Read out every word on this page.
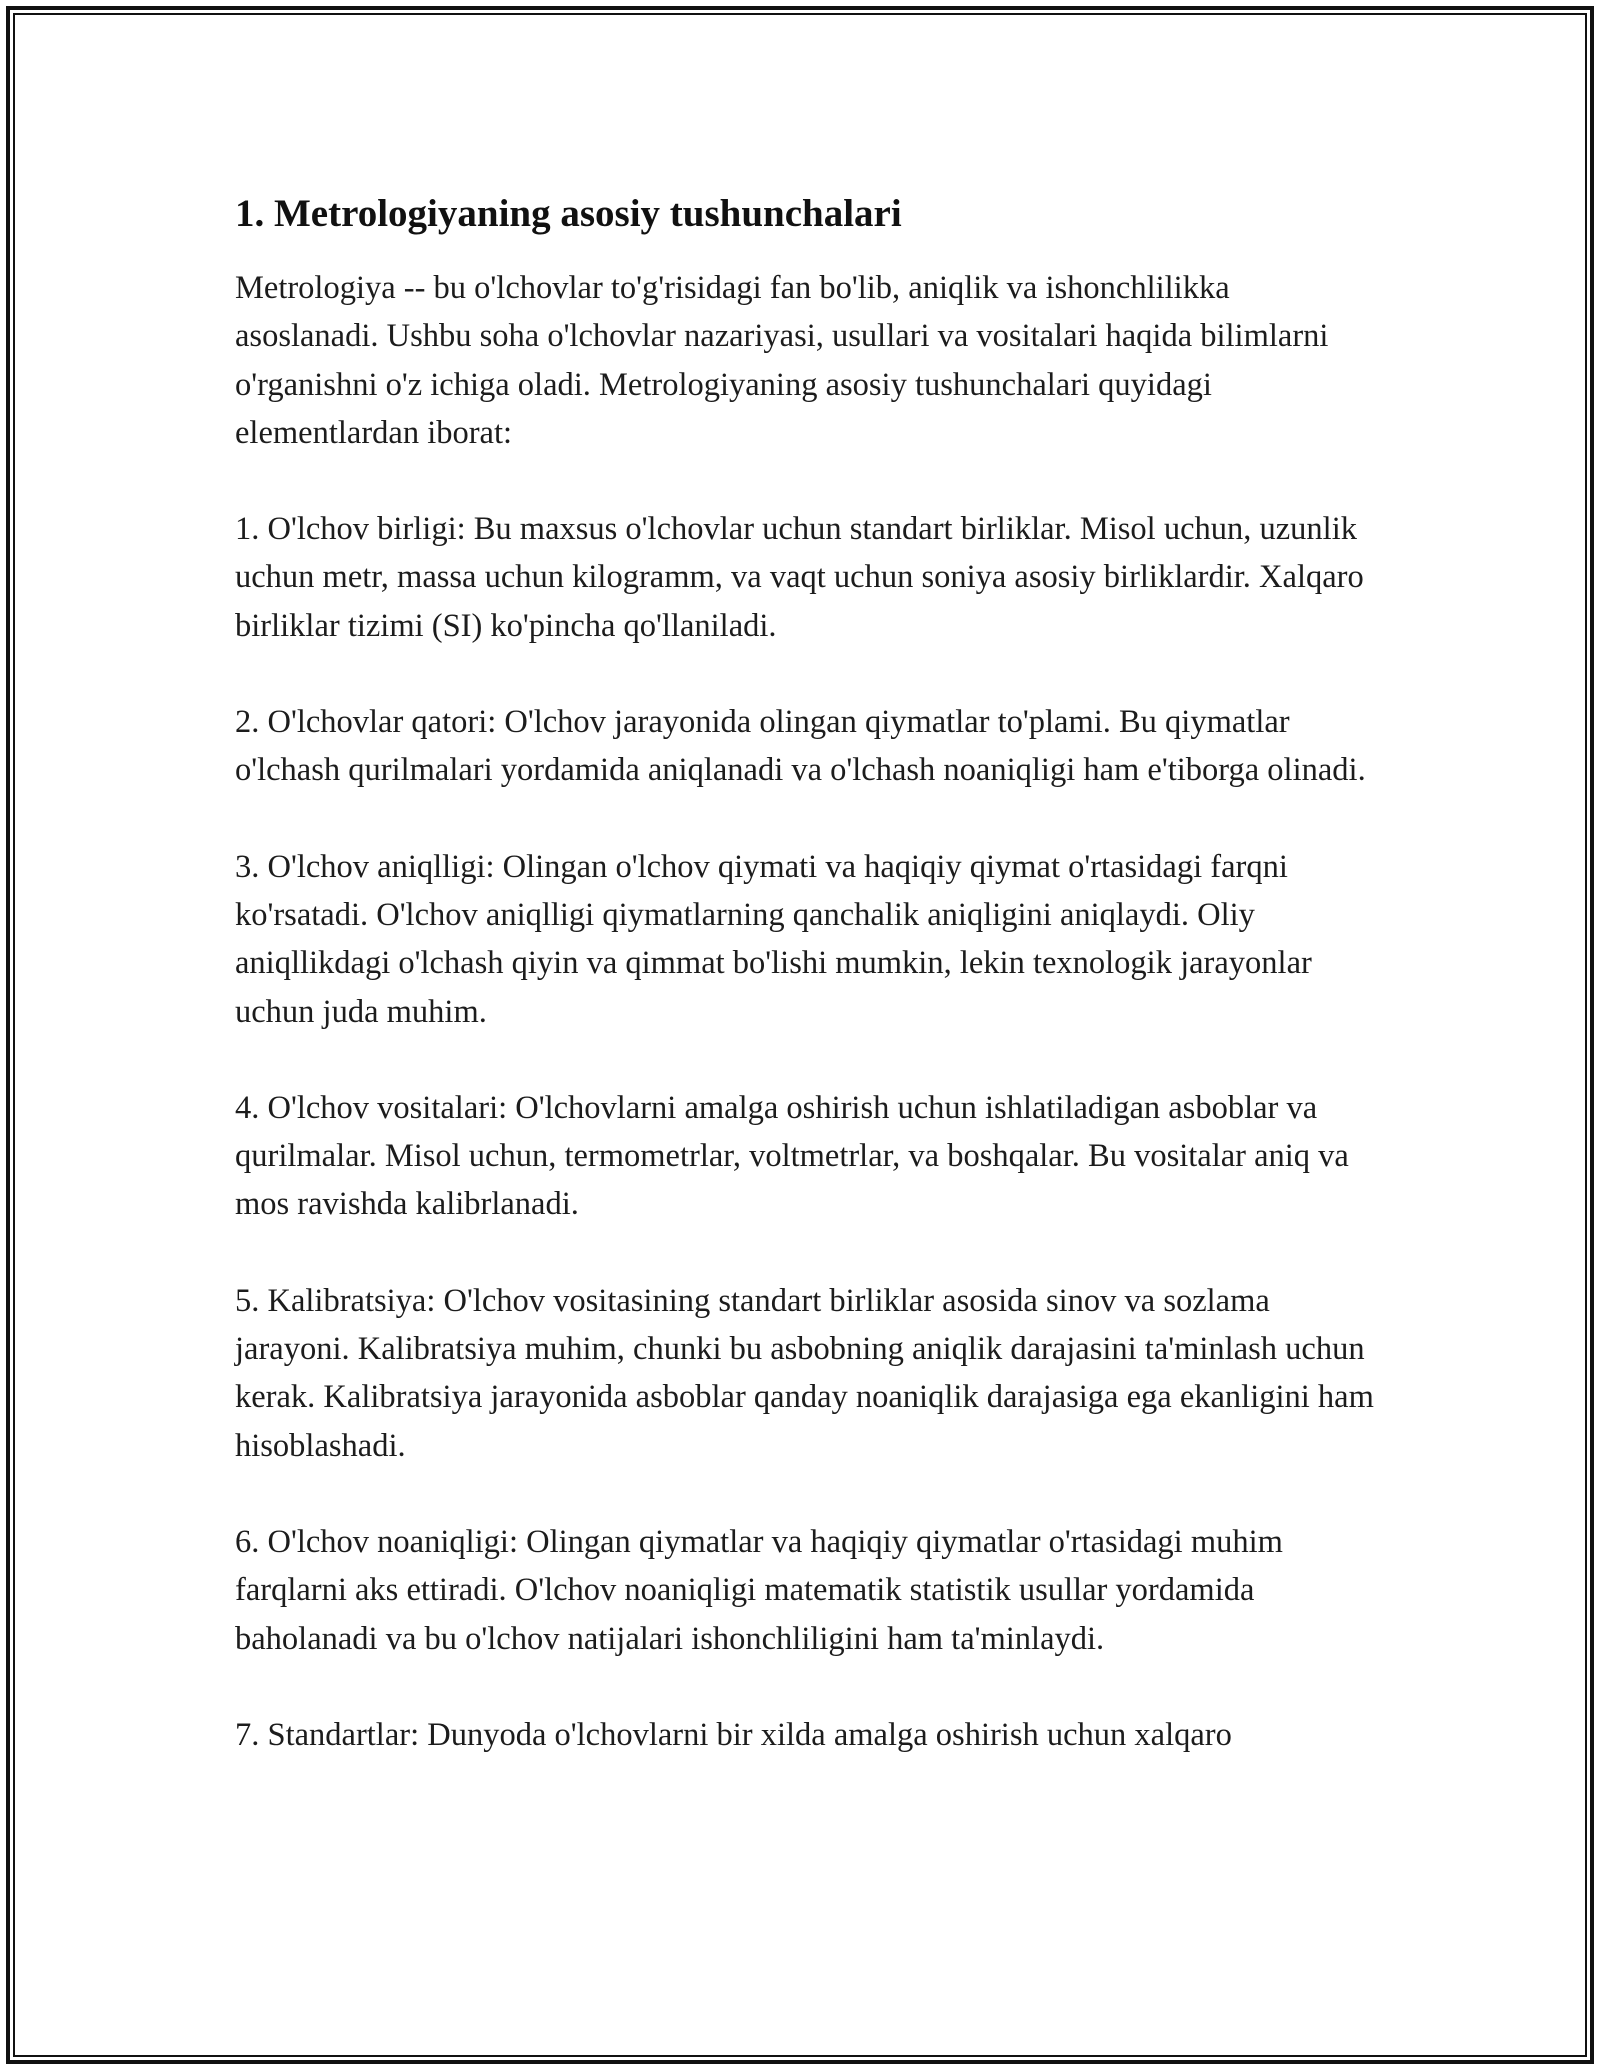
1. Metrologiyaning asosiy tushunchalari

Metrologiya -- bu o'lchovlar to'g'risidagi fan bo'lib, aniqlik va ishonchlilikka asoslanadi. Ushbu soha o'lchovlar nazariyasi, usullari va vositalari haqida bilimlarni o'rganishni o'z ichiga oladi. Metrologiyaning asosiy tushunchalari quyidagi elementlardan iborat:

1. O'lchov birligi: Bu maxsus o'lchovlar uchun standart birliklar. Misol uchun, uzunlik uchun metr, massa uchun kilogramm, va vaqt uchun soniya asosiy birliklardir. Xalqaro birliklar tizimi (SI) ko'pincha qo'llaniladi.

2. O'lchovlar qatori: O'lchov jarayonida olingan qiymatlar to'plami. Bu qiymatlar o'lchash qurilmalari yordamida aniqlanadi va o'lchash noaniqligi ham e'tiborga olinadi.

3. O'lchov aniqlligi: Olingan o'lchov qiymati va haqiqiy qiymat o'rtasidagi farqni ko'rsatadi. O'lchov aniqlligi qiymatlarning qanchalik aniqligini aniqlaydi. Oliy aniqllikdagi o'lchash qiyin va qimmat bo'lishi mumkin, lekin texnologik jarayonlar uchun juda muhim.

4. O'lchov vositalari: O'lchovlarni amalga oshirish uchun ishlatiladigan asboblar va qurilmalar. Misol uchun, termometrlar, voltmetrlar, va boshqalar. Bu vositalar aniq va mos ravishda kalibrlanadi.

5. Kalibratsiya: O'lchov vositasining standart birliklar asosida sinov va sozlama jarayoni. Kalibratsiya muhim, chunki bu asbobning aniqlik darajasini ta'minlash uchun kerak. Kalibratsiya jarayonida asboblar qanday noaniqlik darajasiga ega ekanligini ham hisoblashadi.

6. O'lchov noaniqligi: Olingan qiymatlar va haqiqiy qiymatlar o'rtasidagi muhim farqlarni aks ettiradi. O'lchov noaniqligi matematik statistik usullar yordamida baholanadi va bu o'lchov natijalari ishonchliligini ham ta'minlaydi.

7. Standartlar: Dunyoda o'lchovlarni bir xilda amalga oshirish uchun xalqaro
